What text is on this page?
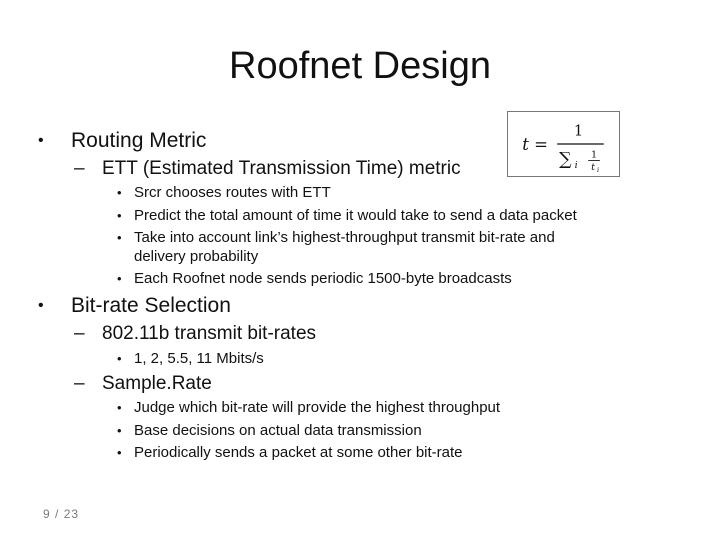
Roofnet Design
t =
1
∑ i
1
t i
• Routing Metric
– ETT (Estimated Transmission Time) metric
• Srcr chooses routes with ETT
• Predict the total amount of time it would take to send a data packet
• Take into account link’s highest-throughput transmit bit-rate and
delivery probability
• Each Roofnet node sends periodic 1500-byte broadcasts
• Bit-rate Selection
– 802.11b transmit bit-rates
• 1, 2, 5.5, 11 Mbits/s
– Sample.Rate
• Judge which bit-rate will provide the highest throughput
• Base decisions on actual data transmission
• Periodically sends a packet at some other bit-rate
9 / 23
